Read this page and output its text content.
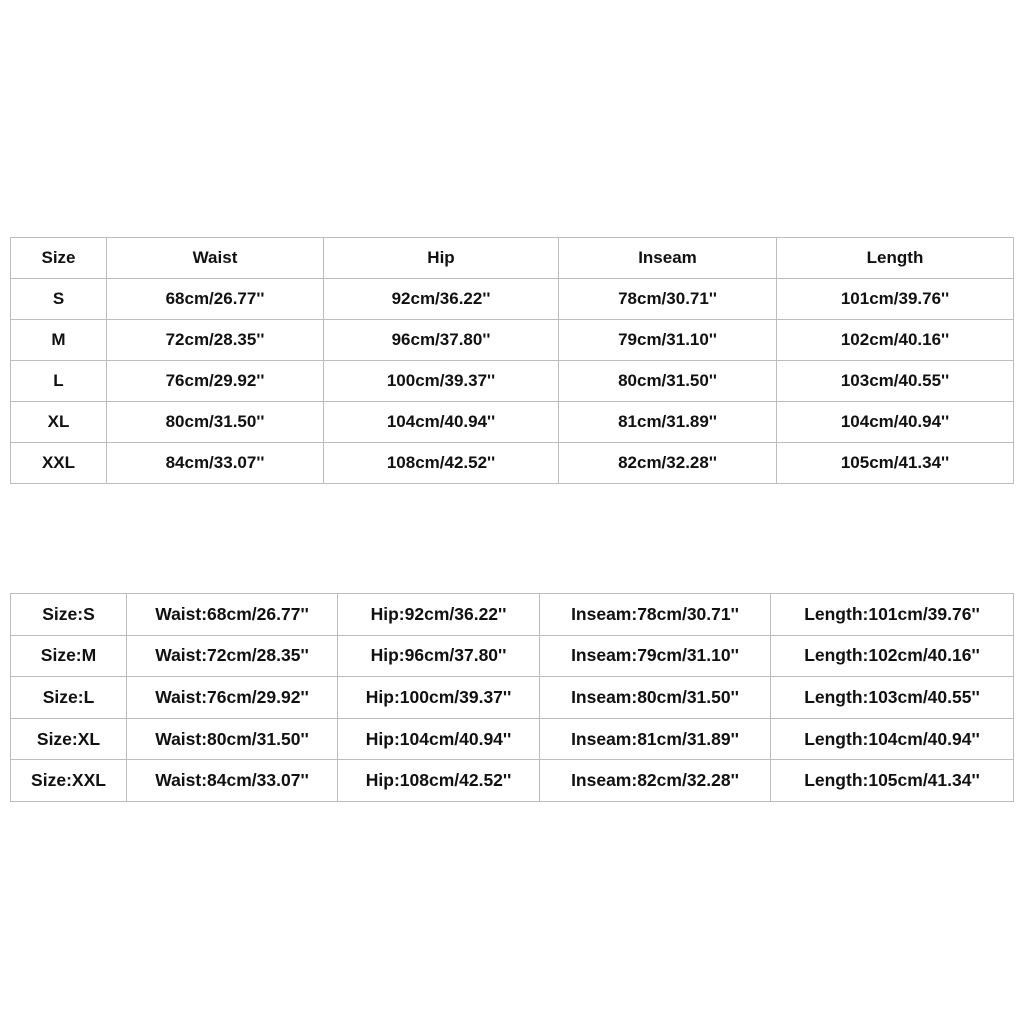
Size	Waist	Hip	Inseam	Length
S	68cm/26.77''	92cm/36.22''	78cm/30.71''	101cm/39.76''
M	72cm/28.35''	96cm/37.80''	79cm/31.10''	102cm/40.16''
L	76cm/29.92''	100cm/39.37''	80cm/31.50''	103cm/40.55''
XL	80cm/31.50''	104cm/40.94''	81cm/31.89''	104cm/40.94''
XXL	84cm/33.07''	108cm/42.52''	82cm/32.28''	105cm/41.34''
Size:S	Waist:68cm/26.77''	Hip:92cm/36.22''	Inseam:78cm/30.71''	Length:101cm/39.76''
Size:M	Waist:72cm/28.35''	Hip:96cm/37.80''	Inseam:79cm/31.10''	Length:102cm/40.16''
Size:L	Waist:76cm/29.92''	Hip:100cm/39.37''	Inseam:80cm/31.50''	Length:103cm/40.55''
Size:XL	Waist:80cm/31.50''	Hip:104cm/40.94''	Inseam:81cm/31.89''	Length:104cm/40.94''
Size:XXL	Waist:84cm/33.07''	Hip:108cm/42.52''	Inseam:82cm/32.28''	Length:105cm/41.34''
